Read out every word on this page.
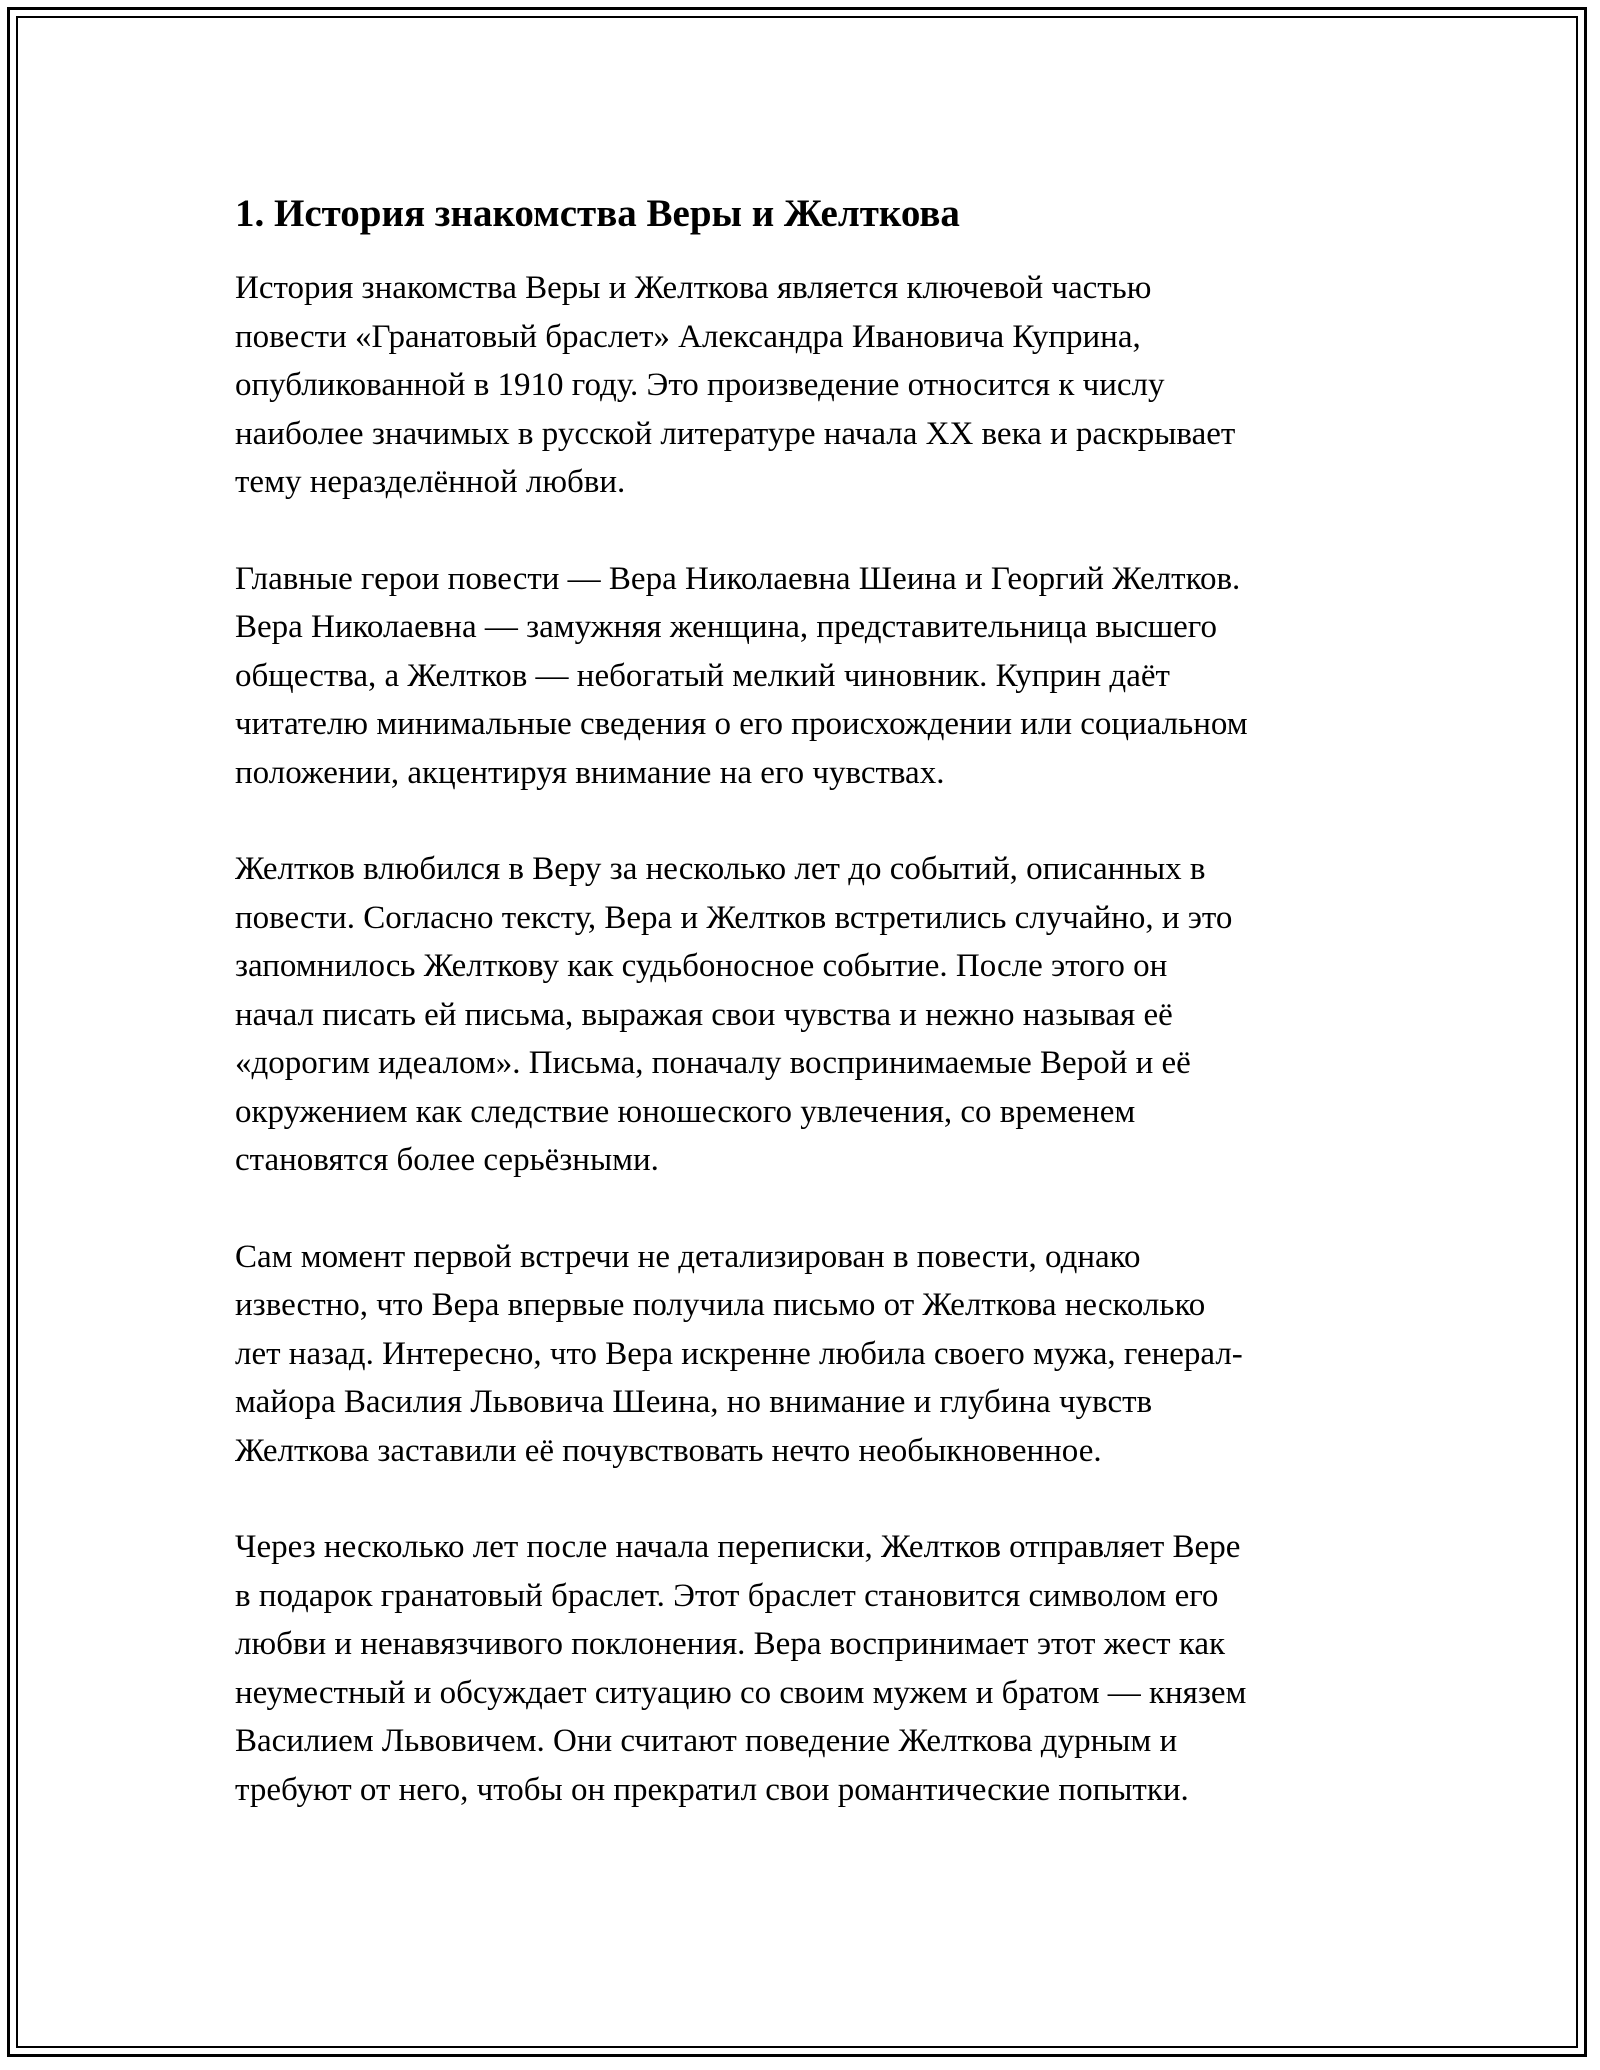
1. История знакомства Веры и Желткова

История знакомства Веры и Желткова является ключевой частью
повести «Гранатовый браслет» Александра Ивановича Куприна,
опубликованной в 1910 году. Это произведение относится к числу
наиболее значимых в русской литературе начала XX века и раскрывает
тему неразделённой любви.

Главные герои повести — Вера Николаевна Шеина и Георгий Желтков.
Вера Николаевна — замужняя женщина, представительница высшего
общества, а Желтков — небогатый мелкий чиновник. Куприн даёт
читателю минимальные сведения о его происхождении или социальном
положении, акцентируя внимание на его чувствах.

Желтков влюбился в Веру за несколько лет до событий, описанных в
повести. Согласно тексту, Вера и Желтков встретились случайно, и это
запомнилось Желткову как судьбоносное событие. После этого он
начал писать ей письма, выражая свои чувства и нежно называя её
«дорогим идеалом». Письма, поначалу воспринимаемые Верой и её
окружением как следствие юношеского увлечения, со временем
становятся более серьёзными.

Сам момент первой встречи не детализирован в повести, однако
известно, что Вера впервые получила письмо от Желткова несколько
лет назад. Интересно, что Вера искренне любила своего мужа, генерал-
майора Василия Львовича Шеина, но внимание и глубина чувств
Желткова заставили её почувствовать нечто необыкновенное.

Через несколько лет после начала переписки, Желтков отправляет Вере
в подарок гранатовый браслет. Этот браслет становится символом его
любви и ненавязчивого поклонения. Вера воспринимает этот жест как
неуместный и обсуждает ситуацию со своим мужем и братом — князем
Василием Львовичем. Они считают поведение Желткова дурным и
требуют от него, чтобы он прекратил свои романтические попытки.
